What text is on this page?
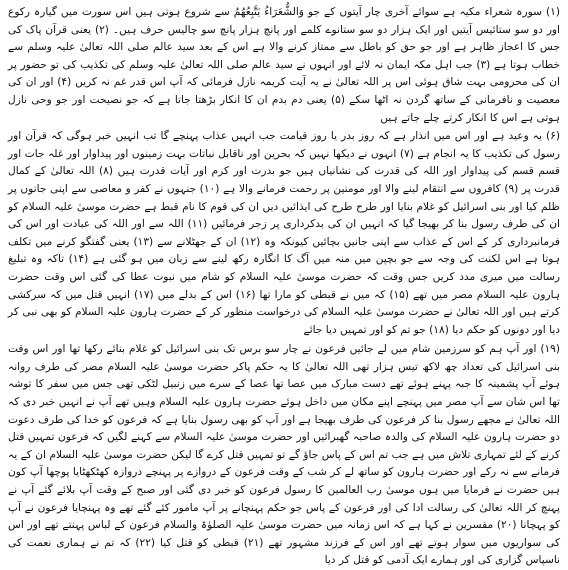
(۱) سورہ شعراء مکیہ ہے سوائے آخری چار آیتوں کے جو وَالشُّعَرَاءُ يَتَّبِعُهُمُ سے شروع ہوتی ہیں اس سورت میں گیارہ رکوع اور دو سو ستائیس آیتیں اور ایک ہزار دو سو ستانوے کلمے اور پانچ ہزار پانچ سو چالیس حرف ہیں۔ (۲) یعنی قرآن پاک کی جس کا اعجاز ظاہر ہے اور جو حق کو باطل سے ممتاز کرنے والا ہے اس کے بعد سید عالم صلی اللہ تعالیٰ علیہ وسلم سے خطاب ہوتا ہے (۳) جب اہل مکہ ایمان نہ لائے اور انہوں نے سید عالم صلی اللہ تعالیٰ علیہ وسلم کی تکذیب کی تو حضور پر ان کی محرومی بہت شاق ہوئی اس پر اللہ تعالیٰ نے یہ آیت کریمہ نازل فرمائی کہ آپ اس قدر غم نہ کریں (۴) اور ان کی معصیت و نافرمانی کے ساتھ گردن نہ اٹھا سکے (۵) یعنی دم بدم ان کا انکار بڑھتا جاتا ہے کہ جو نصیحت اور جو وحی نازل ہوتی ہے اس کا انکار کرتے چلے جاتے ہیں

(۶) یہ وعید ہے اور اس میں انذار ہے کہ روز بدر یا روز قیامت جب انہیں عذاب پہنچے گا تب انہیں خبر ہوگی کہ قرآن اور رسول کی تکذیب کا یہ انجام ہے (۷) انہوں نے دیکھا نہیں کہ بحرین اور ناقابل نباتات بہت زمینوں اور پیداوار اور غلہ جات اور قسم قسم کی پیداوار اور اللہ کی قدرت کی نشانیاں ہیں جو بدرت اور کرم اور آیات قدرت ہیں (۸) اللہ تعالیٰ کے کمال قدرت پر (۹) کافروں سے انتقام لینے والا اور مومنین پر رحمت فرمانے والا ہے (۱۰) جنہوں نے کفر و معاصی سے اپنی جانوں پر ظلم کیا اور بنی اسرائیل کو غلام بنایا اور طرح طرح کی ایذائیں دیں ان کی قوم کا نام قبط ہے حضرت موسیٰ علیہ السلام کو ان کی طرف رسول بنا کر بھیجا گیا کہ انہیں ان کی بدکرداری پر زجر فرمائیں (۱۱) اللہ سے اور اللہ کی عبادت اور اس کی فرمانبرداری کر کے اس کے عذاب سے اپنی جانیں بچائیں کیونکہ وہ (۱۲) ان کے جھٹلانے سے (۱۳) یعنی گفتگو کرنے میں تکلف ہوتا ہے اس لکنت کی وجہ سے جو بچپن میں منہ میں آگ کا انگارہ رکھ لینے سے زبان میں ہو گئی ہے (۱۴) تاکہ وہ تبلیغ رسالت میں میری مدد کریں جس وقت کہ حضرت موسیٰ علیہ السلام کو شام میں نبوت عطا کی گئی اس وقت حضرت ہارون علیہ السلام مصر میں تھے (۱۵) کہ میں نے قبطی کو مارا تھا (۱۶) اس کے بدلے میں (۱۷) انہیں قتل میں کہ سرکشی کرتے ہیں اور اللہ تعالیٰ نے حضرت موسیٰ علیہ السلام کی درخواست منظور کر کے حضرت ہارون علیہ السلام کو بھی نبی کر دیا اور دونوں کو حکم دیا (۱۸) جو تم کو اور تمہیں دیا جائے

(۱۹) اور آپ ہم کو سرزمین شام میں لے جائیں فرعون نے چار سو برس تک بنی اسرائیل کو غلام بنائے رکھا تھا اور اس وقت بنی اسرائیل کی تعداد چھ لاکھ تیس ہزار تھی اللہ تعالیٰ کا یہ حکم پاکر حضرت موسیٰ علیہ السلام مصر کی طرف روانہ ہوئے آپ پشمینہ کا جبہ پہنے ہوئے تھے دست مبارک میں عصا تھا عصا کے سرے میں زنبیل لٹکی تھی جس میں سفر کا توشہ تھا اس شان سے آپ مصر میں پہنچے اپنے مکان میں داخل ہوئے حضرت ہارون علیہ السلام وہیں تھے آپ نے انہیں خبر دی کہ اللہ تعالیٰ نے مجھے رسول بنا کر فرعون کی طرف بھیجا ہے اور آپ کو بھی رسول بنایا ہے کہ فرعون کو خدا کی طرف دعوت دو حضرت ہارون علیہ السلام کی والدہ صاحبہ گھبرائیں اور حضرت موسیٰ علیہ السلام سے کہنے لگیں کہ فرعون تمہیں قتل کرنے کے لئے تمہاری تلاش میں ہے جب تم اس کے پاس جاؤ گے تو تمہیں قتل کرے گا لیکن حضرت موسیٰ علیہ السلام ان کے یہ فرمانے سے نہ رکے اور حضرت ہارون کو ساتھ لے کر شب کے وقت فرعون کے دروازے پر پہنچے دروازہ کھٹکھٹایا پوچھا آپ کون ہیں حضرت نے فرمایا میں ہوں موسیٰ رب العالمین کا رسول فرعون کو خبر دی گئی اور صبح کے وقت آپ بلائے گئے آپ نے پہنچ کر اللہ تعالیٰ کی رسالت ادا کی اور فرعون کے پاس جو حکم پہنچانے پر آپ مامور کئے گئے تھے وہ پہنچایا فرعون نے آپ کو پہچانا (۲۰) مفسرین نے کہا ہے کہ اس زمانہ میں حضرت موسیٰ علیہ الصلوٰۃ والسلام فرعون کے لباس پہنتے تھے اور اس کی سواریوں میں سوار ہوتے تھے اور اس کے فرزند مشہور تھے (۲۱) قبطی کو قتل کیا (۲۲) کہ تم نے ہماری نعمت کی ناسپاس گزاری کی اور ہمارے ایک آدمی کو قتل کر دیا
